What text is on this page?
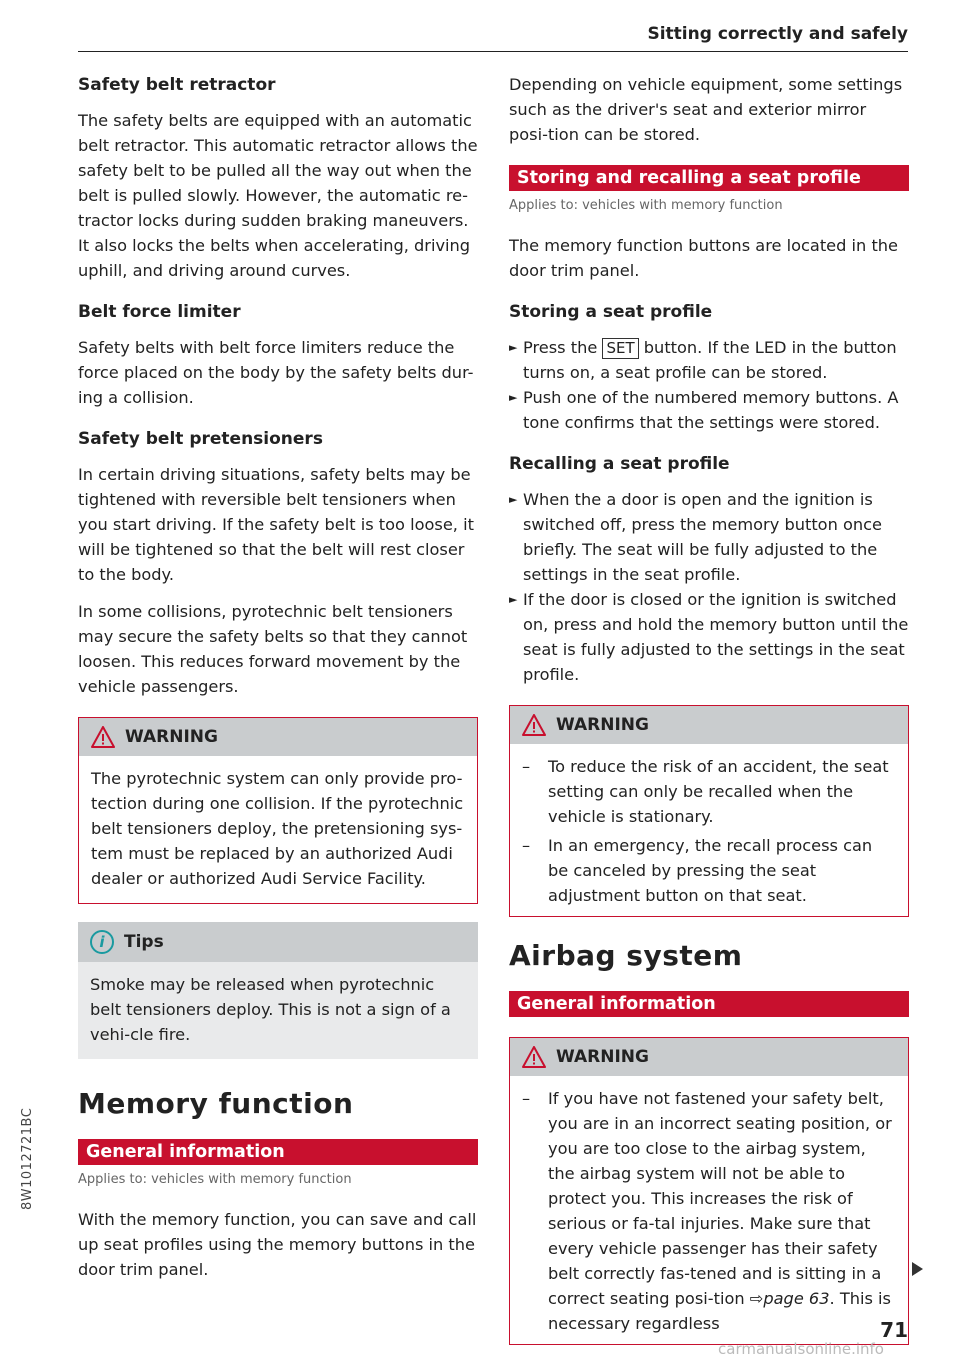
Sitting correctly and safely
Safety belt retractor

The safety belts are equipped with an automatic belt retractor. This automatic retractor allows the safety belt to be pulled all the way out when the belt is pulled slowly. However, the automatic re-tractor locks during sudden braking maneuvers. It also locks the belts when accelerating, driving uphill, and driving around curves.

Belt force limiter

Safety belts with belt force limiters reduce the force placed on the body by the safety belts dur-ing a collision.

Safety belt pretensioners

In certain driving situations, safety belts may be tightened with reversible belt tensioners when you start driving. If the safety belt is too loose, it will be tightened so that the belt will rest closer to the body.

In some collisions, pyrotechnic belt tensioners may secure the safety belts so that they cannot loosen. This reduces forward movement by the vehicle passengers.

WARNING

The pyrotechnic system can only provide pro-tection during one collision. If the pyrotechnic belt tensioners deploy, the pretensioning sys-tem must be replaced by an authorized Audi dealer or authorized Audi Service Facility.

i	Tips

Smoke may be released when pyrotechnic belt tensioners deploy. This is not a sign of a vehi-cle fire.

Memory function
General information
Applies to: vehicles with memory function

With the memory function, you can save and call up seat profiles using the memory buttons in the door trim panel.

Depending on vehicle equipment, some settings such as the driver's seat and exterior mirror posi-tion can be stored.

Storing and recalling a seat profile
Applies to: vehicles with memory function

The memory function buttons are located in the door trim panel.

Storing a seat profile
► Press the SET button. If the LED in the button turns on, a seat profile can be stored.
► Push one of the numbered memory buttons. A tone confirms that the settings were stored.
Recalling a seat profile
► When the a door is open and the ignition is switched off, press the memory button once briefly. The seat will be fully adjusted to the settings in the seat profile.
► If the door is closed or the ignition is switched on, press and hold the memory button until the seat is fully adjusted to the settings in the seat profile.
WARNING
– To reduce the risk of an accident, the seat setting can only be recalled when the vehicle is stationary.
– In an emergency, the recall process can be canceled by pressing the seat adjustment button on that seat.
Airbag system
General information
WARNING
– If you have not fastened your safety belt, you are in an incorrect seating position, or you are too close to the airbag system, the airbag system will not be able to protect you. This increases the risk of serious or fa-tal injuries. Make sure that every vehicle passenger has their safety belt correctly fas-tened and is sitting in a correct seating posi-tion ⇨page 63. This is necessary regardless	71
8W1012721BC
carmanualsonline.info
